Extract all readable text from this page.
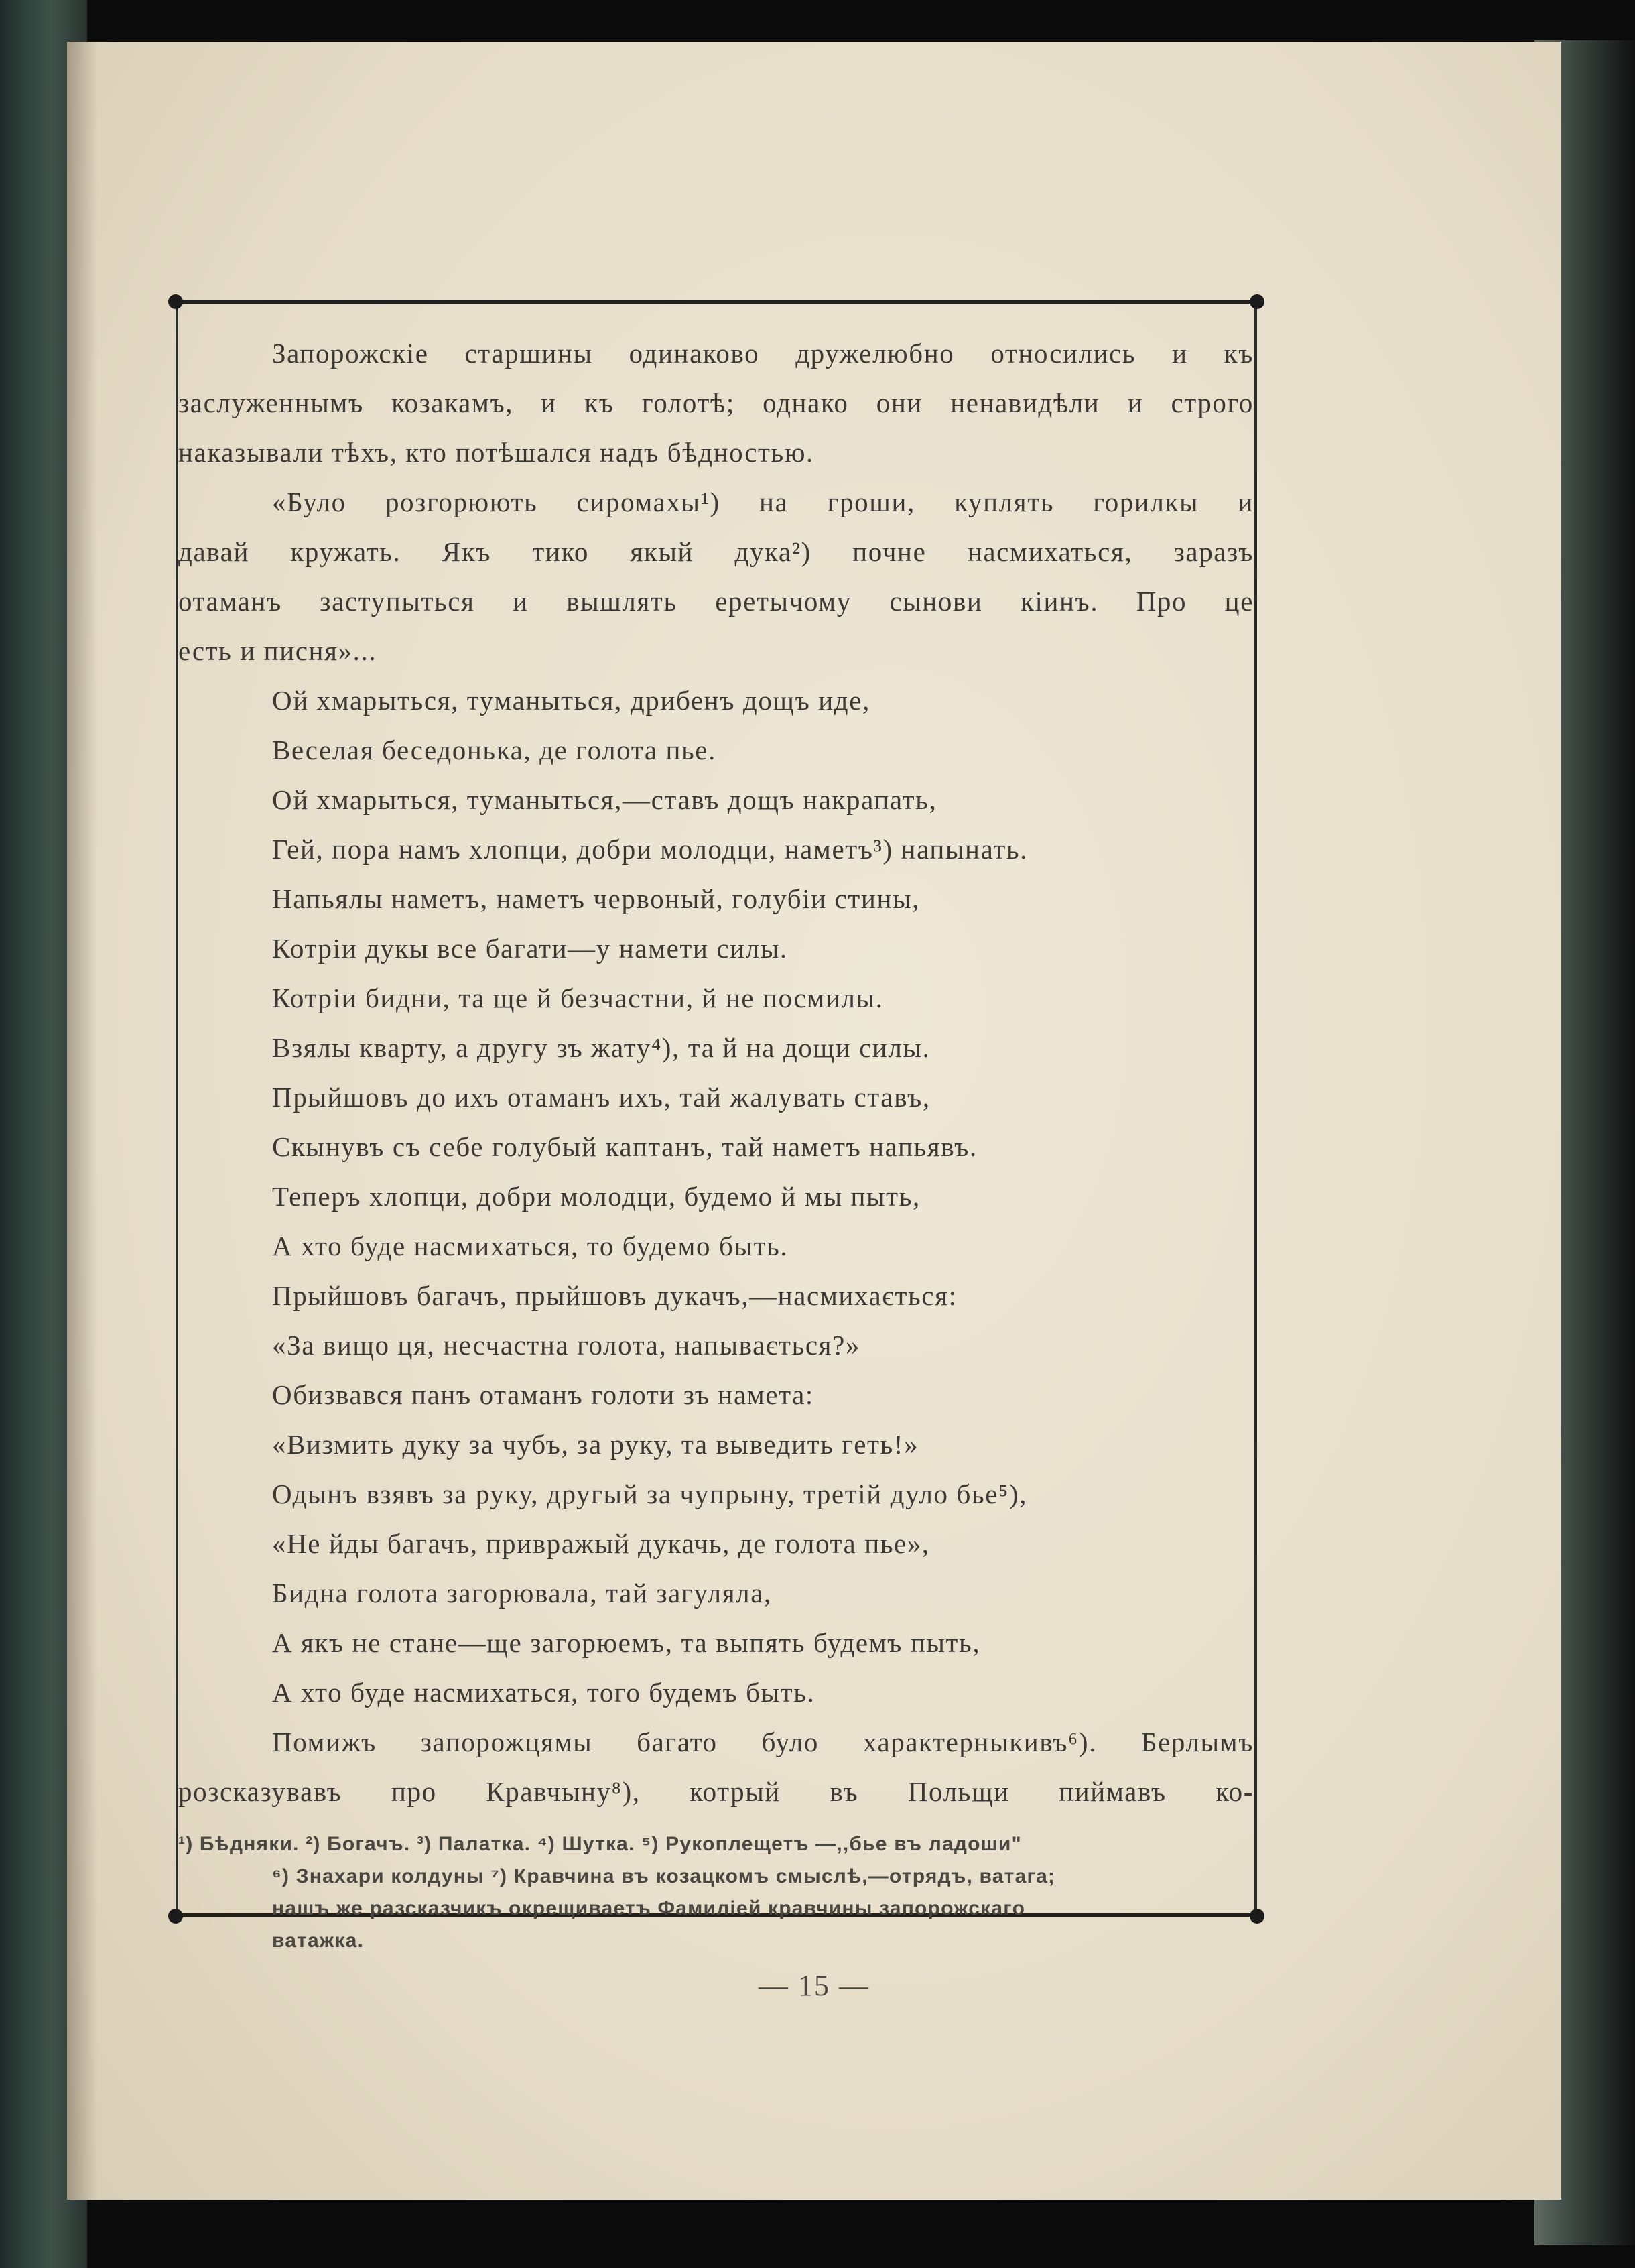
Запорожскіе старшины одинаково дружелюбно относились и къ
заслуженнымъ козакамъ, и къ голотѣ; однако они ненавидѣли и строго
наказывали тѣхъ, кто потѣшался надъ бѣдностью.
«Було розгорюють сиромахы¹) на гроши, куплять горилкы и
давай кружать. Якъ тико якый дука²) почне насмихаться, заразъ
отаманъ заступыться и вышлять еретычому сынови кіинъ. Про це
есть и писня»...
Ой хмарыться, туманыться, дрибенъ дощъ иде,
Веселая беседонька, де голота пье.
Ой хмарыться, туманыться,—ставъ дощъ накрапать,
Гей, пора намъ хлопци, добри молодци, наметъ³) напынать.
Напьялы наметъ, наметъ червоный, голубіи стины,
Котріи дукы все багати—у намети силы.
Котріи бидни, та ще й безчастни, й не посмилы.
Взялы кварту, а другу зъ жату⁴), та й на дощи силы.
Прыйшовъ до ихъ отаманъ ихъ, тай жалувать ставъ,
Скынувъ съ себе голубый каптанъ, тай наметъ напьявъ.
Теперъ хлопци, добри молодци, будемо й мы пыть,
А хто буде насмихаться, то будемо быть.
Прыйшовъ багачъ, прыйшовъ дукачъ,—насмихається:
«За вищо ця, несчастна голота, напывається?»
Обизвався панъ отаманъ голоти зъ намета:
«Визмить дуку за чубъ, за руку, та выведить геть!»
Одынъ взявъ за руку, другый за чупрыну, третій дуло бье⁵),
«Не йды багачъ, привражый дукачь, де голота пье»,
Бидна голота загорювала, тай загуляла,
А якъ не стане—ще загорюемъ, та выпять будемъ пыть,
А хто буде насмихаться, того будемъ быть.
Помижъ запорожцямы багато було характерныкивъ⁶). Берлымъ
розсказувавъ про Кравчыну⁸), котрый въ Польщи пиймавъ ко-
¹) Бѣдняки. ²) Богачъ. ³) Палатка. ⁴) Шутка. ⁵) Рукоплещетъ —,,бье въ ладоши"
⁶) Знахари колдуны ⁷) Кравчина въ козацкомъ смыслѣ,—отрядъ, ватага;
нашъ же разсказчикъ окрещиваетъ Фамиліей кравчины запорожскаго
ватажка.
— 15 —
